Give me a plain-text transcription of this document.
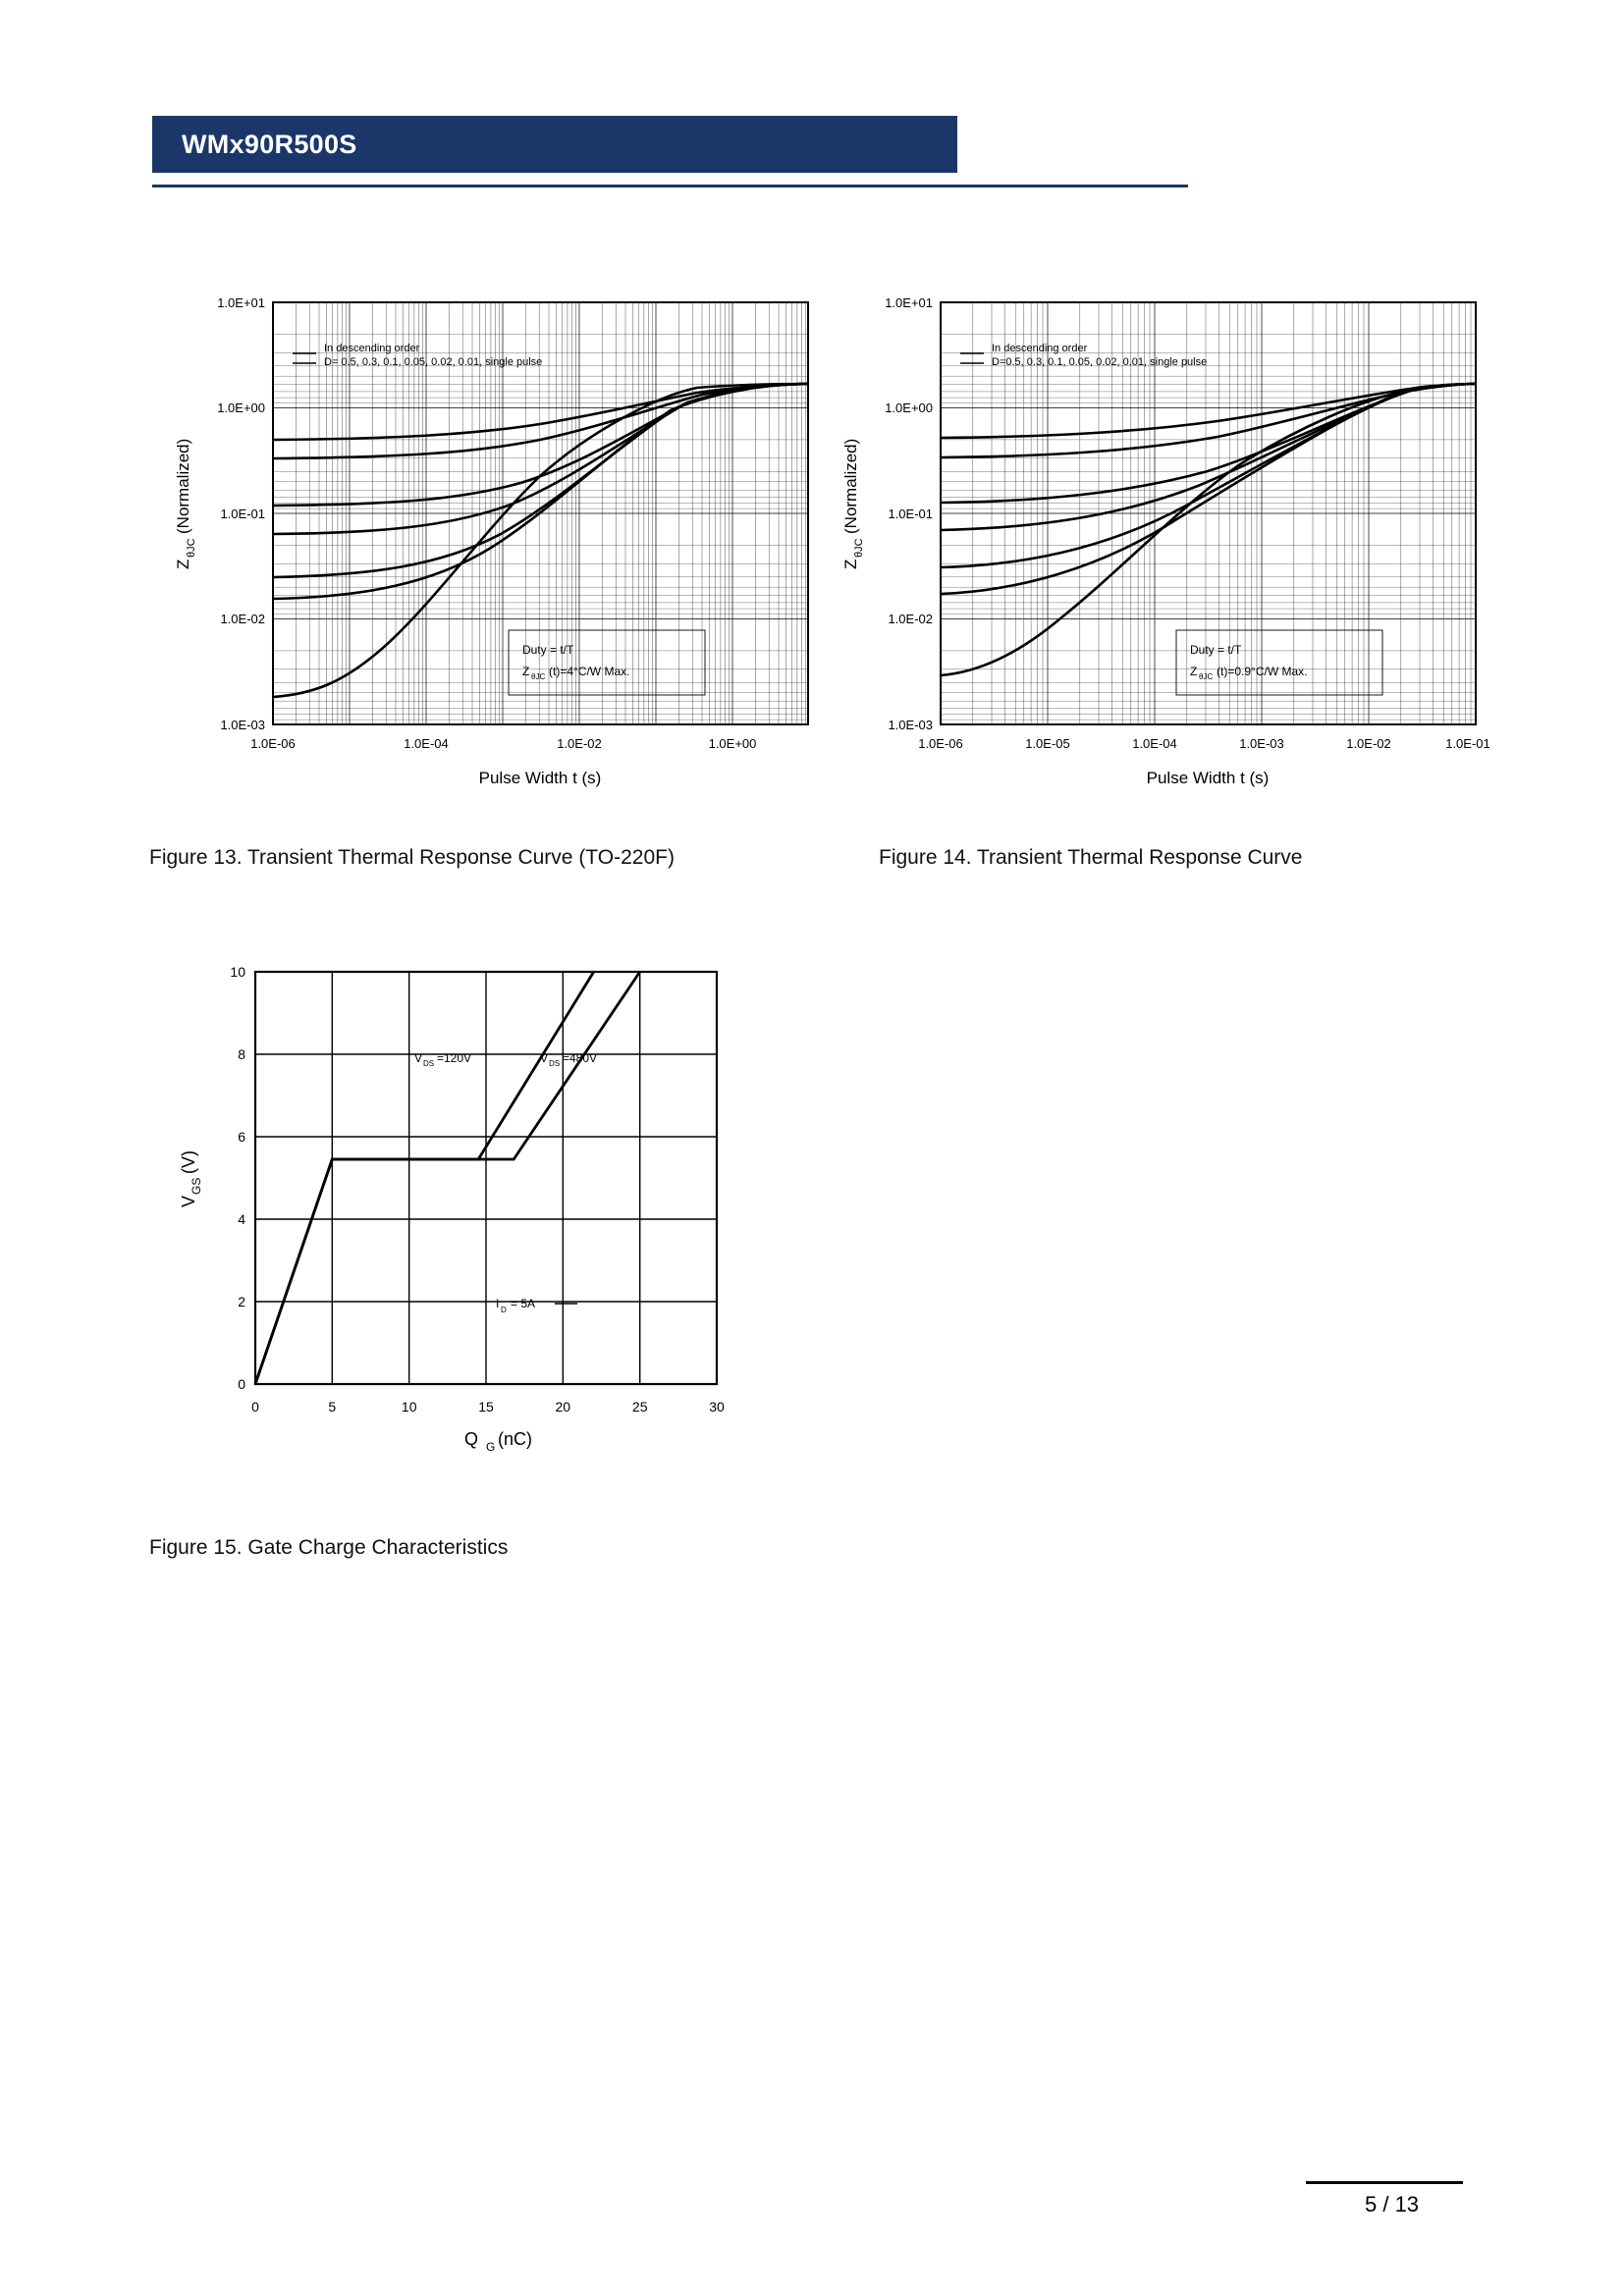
WMx90R500S
In descending order
D= 0.5, 0.3, 0.1, 0.05, 0.02, 0.01, single pulse
Duty = t/T
Z θJC (t)=4°C/W Max.
1.0E+01
1.0E+00
1.0E-01
1.0E-02
1.0E-03
1.0E-06	1.0E-04	1.0E-02	1.0E+00
Pulse Width t (s)
Z
θJC
(Normalized)
In descending order
D=0.5, 0.3, 0.1, 0.05, 0.02, 0.01, single pulse
Duty = t/T
Z θJC (t)=0.9°C/W Max.
1.0E+01
1.0E+00
1.0E-01
1.0E-02
1.0E-03
1.0E-06	1.0E-05	1.0E-04	1.0E-03	1.0E-02	1.0E-01
Pulse Width t (s)
Z
θJC
(Normalized)
Figure 13. Transient Thermal Response Curve (TO-220F)	Figure 14. Transient Thermal Response Curve
V DS =120V	V DS =480V
I D = 5A
10
8
6
4
2
0
0	5	10	15	20	25	30
Q G (nC)
V
GS
(V)
Figure 15. Gate Charge Characteristics
5 / 13
